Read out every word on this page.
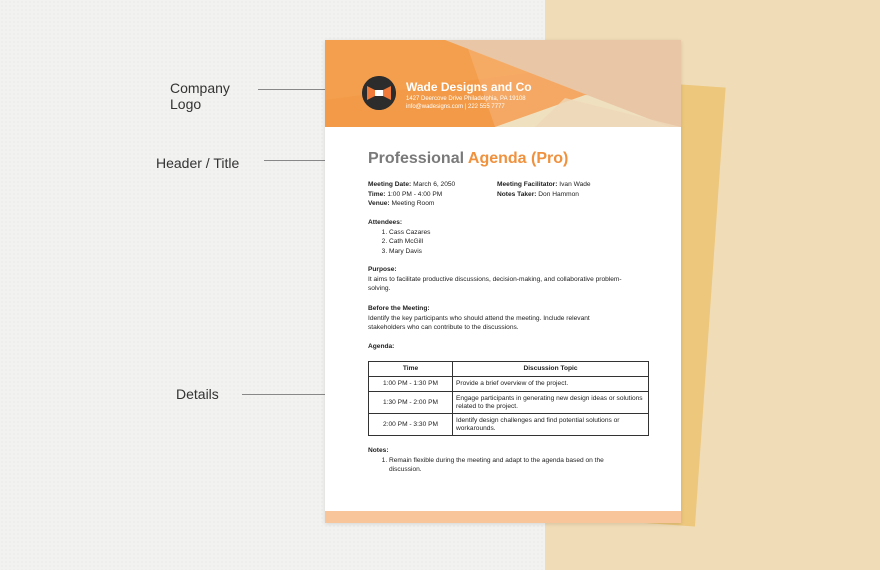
Company
Logo
Header / Title
Details
Wade Designs and Co
1427 Deercove Drive Philadelphia, PA 19108
info@wadesigns.com | 222 555 7777
Professional Agenda (Pro)
Meeting Date: March 6, 2050
Time: 1:00 PM - 4:00 PM
Venue: Meeting Room
Meeting Facilitator: Ivan Wade
Notes Taker: Don Hammon
Attendees:
1. Cass Cazares
2. Cath McGill
3. Mary Davis
Purpose:
It aims to facilitate productive discussions, decision-making, and collaborative problem-solving.
Before the Meeting:
Identify the key participants who should attend the meeting. Include relevant stakeholders who can contribute to the discussions.
Agenda:
Time	Discussion Topic
1:00 PM - 1:30 PM	Provide a brief overview of the project.
1:30 PM - 2:00 PM	Engage participants in generating new design ideas or solutions related to the project.
2:00 PM - 3:30 PM	Identify design challenges and find potential solutions or workarounds.
Notes:
1. Remain flexible during the meeting and adapt to the agenda based on the discussion.
